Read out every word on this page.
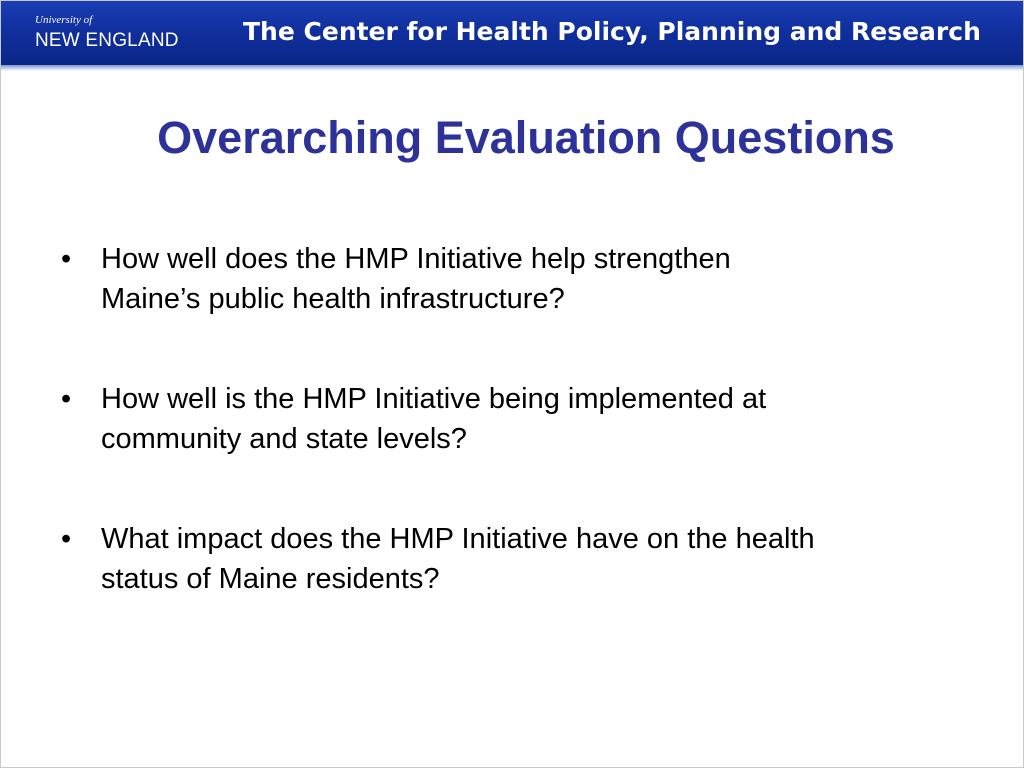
University of
NEW ENGLAND	The Center for Health Policy, Planning and Research
Overarching Evaluation Questions
• How well does the HMP Initiative help strengthen
Maine’s public health infrastructure?
• How well is the HMP Initiative being implemented at
community and state levels?
• What impact does the HMP Initiative have on the health
status of Maine residents?
